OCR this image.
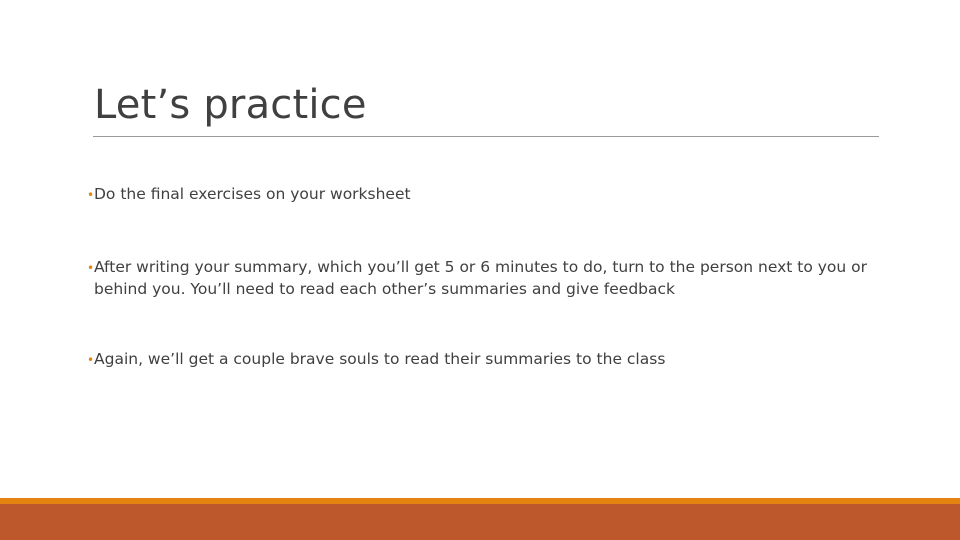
Let’s practice
•Do the final exercises on your worksheet
•After writing your summary, which you’ll get 5 or 6 minutes to do, turn to the person next to you or behind you. You’ll need to read each other’s summaries and give feedback
•Again, we’ll get a couple brave souls to read their summaries to the class
